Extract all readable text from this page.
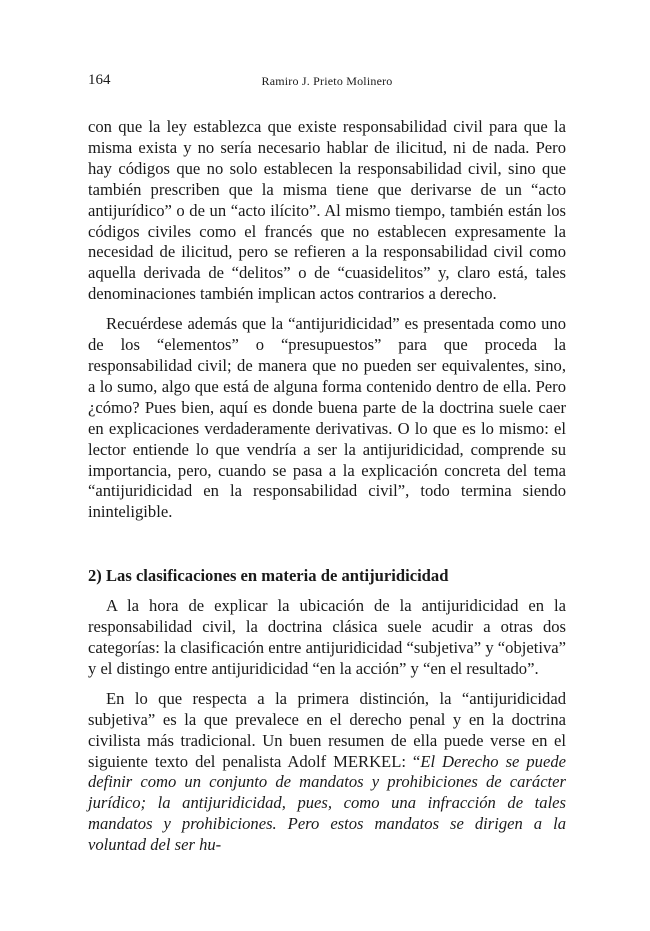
164	Ramiro J. Prieto Molinero

con que la ley establezca que existe responsabilidad civil para que la misma exista y no sería necesario hablar de ilicitud, ni de nada. Pero hay códigos que no solo establecen la responsabilidad civil, sino que también prescriben que la misma tiene que derivarse de un “acto antijurídico” o de un “acto ilícito”. Al mismo tiempo, también están los códigos civiles como el francés que no establecen expresamente la necesidad de ilicitud, pero se refieren a la responsabilidad civil como aquella derivada de “delitos” o de “cuasidelitos” y, claro está, tales denominaciones también implican actos contrarios a derecho.

Recuérdese además que la “antijuridicidad” es presentada como uno de los “elementos” o “presupuestos” para que proceda la responsabilidad civil; de manera que no pueden ser equivalentes, sino, a lo sumo, algo que está de alguna forma contenido dentro de ella. Pero ¿cómo? Pues bien, aquí es donde buena parte de la doctrina suele caer en explicaciones verdaderamente derivativas. O lo que es lo mismo: el lector entiende lo que vendría a ser la antijuridicidad, comprende su importancia, pero, cuando se pasa a la explicación concreta del tema “antijuridicidad en la responsabilidad civil”, todo termina siendo ininteligible.

2) Las clasificaciones en materia de antijuridicidad

A la hora de explicar la ubicación de la antijuridicidad en la responsabilidad civil, la doctrina clásica suele acudir a otras dos categorías: la clasificación entre antijuridicidad “subjetiva” y “objetiva” y el distingo entre antijuridicidad “en la acción” y “en el resultado”.

En lo que respecta a la primera distinción, la “antijuridicidad subjetiva” es la que prevalece en el derecho penal y en la doctrina civilista más tradicional. Un buen resumen de ella puede verse en el siguiente texto del penalista Adolf MERKEL: “El Derecho se puede definir como un conjunto de mandatos y prohibiciones de carácter jurídico; la antijuridicidad, pues, como una infracción de tales mandatos y prohibiciones. Pero estos mandatos se dirigen a la voluntad del ser hu-
